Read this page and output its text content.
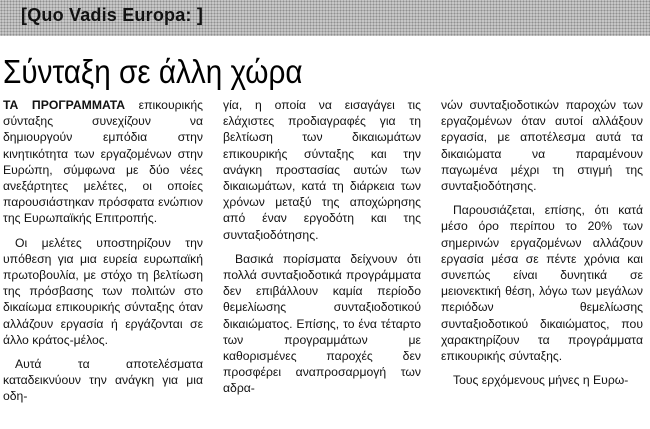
[Quo Vadis Europa: ]
Σύνταξη σε άλλη χώρα

ΤΑ ΠΡΟΓΡΑΜΜΑΤΑ επικουρικής σύνταξης συνεχίζουν να δημιουργούν εμπόδια στην κινητικότητα των εργαζομένων στην Ευρώπη, σύμφωνα με δύο νέες ανεξάρτητες μελέτες, οι οποίες παρουσιάστηκαν πρόσφατα ενώπιον της Ευρωπαϊκής Επιτροπής.

Οι μελέτες υποστηρίζουν την υπόθεση για μια ευρεία ευρωπαϊκή πρωτοβουλία, με στόχο τη βελτίωση της πρόσβασης των πολιτών στο δικαίωμα επικουρικής σύνταξης όταν αλλάζουν εργασία ή εργάζονται σε άλλο κράτος-μέλος.

Αυτά τα αποτελέσματα καταδεικνύουν την ανάγκη για μια οδη-

γία, η οποία να εισαγάγει τις ελάχιστες προδιαγραφές για τη βελτίωση των δικαιωμάτων επικουρικής σύνταξης και την ανάγκη προστασίας αυτών των δικαιωμάτων, κατά τη διάρκεια των χρόνων μεταξύ της αποχώρησης από έναν εργοδότη και της συνταξιοδότησης.

Βασικά πορίσματα δείχνουν ότι πολλά συνταξιοδοτικά προγράμματα δεν επιβάλλουν καμία περίοδο θεμελίωσης συνταξιοδοτικού δικαιώματος. Επίσης, το ένα τέταρτο των προγραμμάτων με καθορισμένες παροχές δεν προσφέρει αναπροσαρμογή των αδρα-

νών συνταξιοδοτικών παροχών των εργαζομένων όταν αυτοί αλλάξουν εργασία, με αποτέλεσμα αυτά τα δικαιώματα να παραμένουν παγωμένα μέχρι τη στιγμή της συνταξιοδότησης.

Παρουσιάζεται, επίσης, ότι κατά μέσο όρο περίπου το 20% των σημερινών εργαζομένων αλλάζουν εργασία μέσα σε πέντε χρόνια και συνεπώς είναι δυνητικά σε μειονεκτική θέση, λόγω των μεγάλων περιόδων θεμελίωσης συνταξιοδοτικού δικαιώματος, που χαρακτηρίζουν τα προγράμματα επικουρικής σύνταξης.

Τους ερχόμενους μήνες η Ευρω-
